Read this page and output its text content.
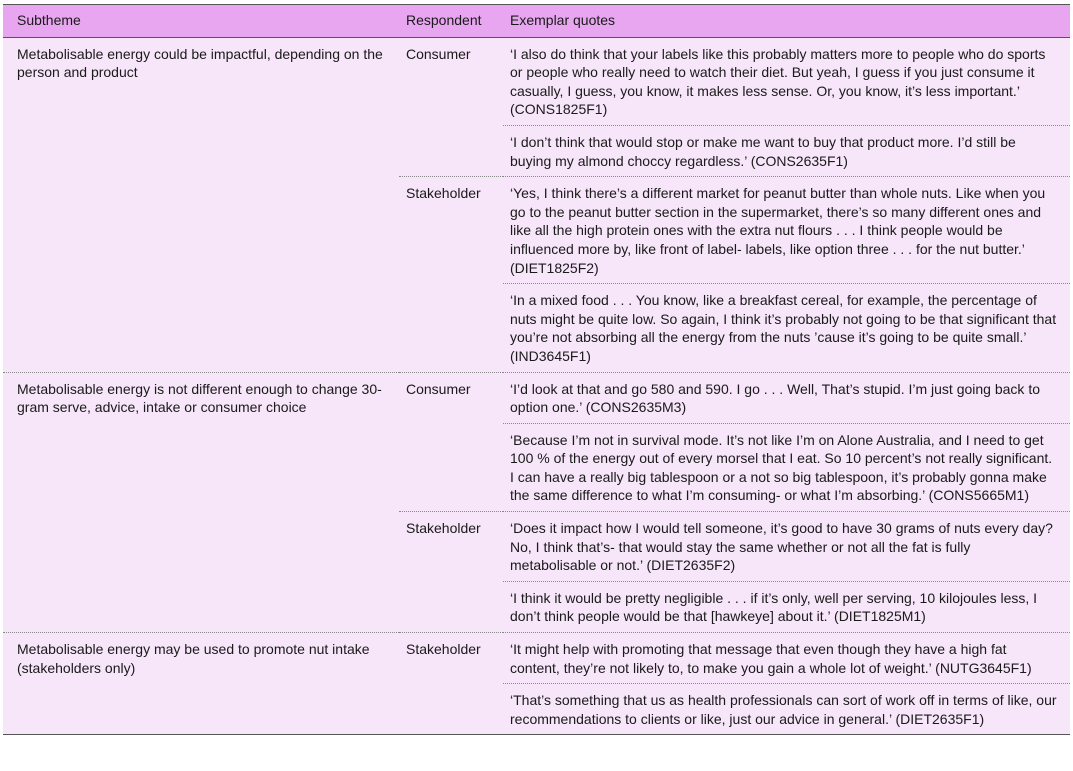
Subtheme	Respondent	Exemplar quotes
Metabolisable energy could be impactful, depending on the person and product	Consumer	‘I also do think that your labels like this probably matters more to people who do sports or people who really need to watch their diet. But yeah, I guess if you just consume it casually, I guess, you know, it makes less sense. Or, you know, it’s less important.’ (CONS1825F1)
		‘I don’t think that would stop or make me want to buy that product more. I’d still be buying my almond choccy regardless.’ (CONS2635F1)
	Stakeholder	‘Yes, I think there’s a different market for peanut butter than whole nuts. Like when you go to the peanut butter section in the supermarket, there’s so many different ones and like all the high protein ones with the extra nut flours . . . I think people would be influenced more by, like front of label- labels, like option three . . . for the nut butter.’ (DIET1825F2)
		‘In a mixed food . . . You know, like a breakfast cereal, for example, the percentage of nuts might be quite low. So again, I think it’s probably not going to be that significant that you’re not absorbing all the energy from the nuts ’cause it’s going to be quite small.’ (IND3645F1)
Metabolisable energy is not different enough to change 30-gram serve, advice, intake or consumer choice	Consumer	‘I’d look at that and go 580 and 590. I go . . . Well, That’s stupid. I’m just going back to option one.’ (CONS2635M3)
		‘Because I’m not in survival mode. It’s not like I’m on Alone Australia, and I need to get 100 % of the energy out of every morsel that I eat. So 10 percent’s not really significant. I can have a really big tablespoon or a not so big tablespoon, it’s probably gonna make the same difference to what I’m consuming- or what I’m absorbing.’ (CONS5665M1)
	Stakeholder	‘Does it impact how I would tell someone, it’s good to have 30 grams of nuts every day? No, I think that’s- that would stay the same whether or not all the fat is fully metabolisable or not.’ (DIET2635F2)
		‘I think it would be pretty negligible . . . if it’s only, well per serving, 10 kilojoules less, I don’t think people would be that [hawkeye] about it.’ (DIET1825M1)
Metabolisable energy may be used to promote nut intake (stakeholders only)	Stakeholder	‘It might help with promoting that message that even though they have a high fat content, they’re not likely to, to make you gain a whole lot of weight.’ (NUTG3645F1)
		‘That’s something that us as health professionals can sort of work off in terms of like, our recommendations to clients or like, just our advice in general.’ (DIET2635F1)
